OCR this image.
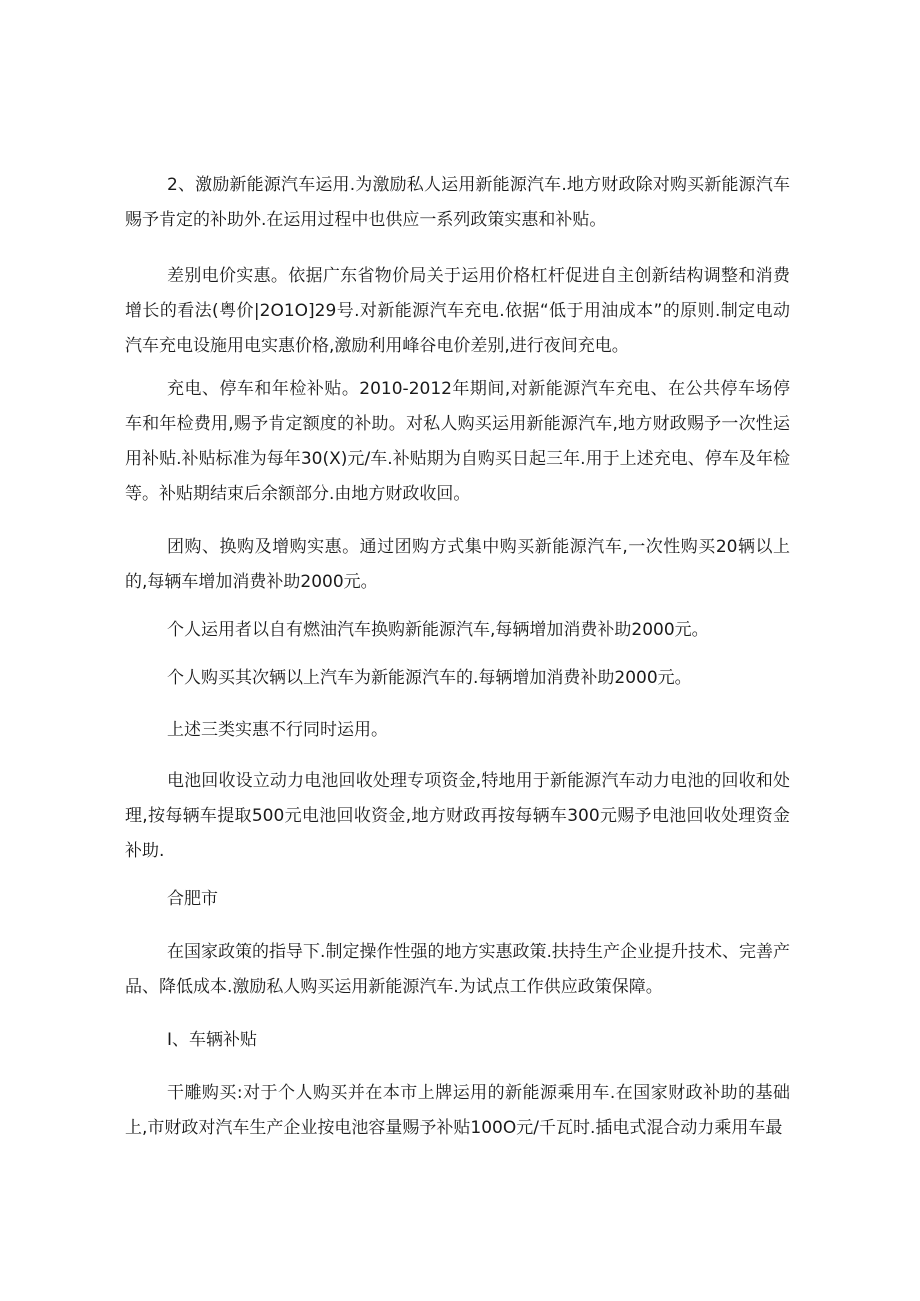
2、激励新能源汽车运用.为激励私人运用新能源汽车.地方财政除对购买新能源汽车赐予肯定的补助外.在运用过程中也供应一系列政策实惠和补贴。

差别电价实惠。依据广东省物价局关于运用价格杠杆促进自主创新结构调整和消费增长的看法(粤价|2O1O]29号.对新能源汽车充电.依据“低于用油成本”的原则.制定电动汽车充电设施用电实惠价格,激励利用峰谷电价差别,进行夜间充电。

充电、停车和年检补贴。2010-2012年期间,对新能源汽车充电、在公共停车场停车和年检费用,赐予肯定额度的补助。对私人购买运用新能源汽车,地方财政赐予一次性运用补贴.补贴标准为每年30(X)元/车.补贴期为自购买日起三年.用于上述充电、停车及年检等。补贴期结束后余额部分.由地方财政收回。

团购、换购及增购实惠。通过团购方式集中购买新能源汽车,一次性购买20辆以上的,每辆车增加消费补助2000元。

个人运用者以自有燃油汽车换购新能源汽车,每辆增加消费补助2000元。

个人购买其次辆以上汽车为新能源汽车的.每辆增加消费补助2000元。

上述三类实惠不行同时运用。

电池回收设立动力电池回收处理专项资金,特地用于新能源汽车动力电池的回收和处理,按每辆车提取500元电池回收资金,地方财政再按每辆车300元赐予电池回收处理资金补助.

合肥市

在国家政策的指导下.制定操作性强的地方实惠政策.扶持生产企业提升技术、完善产品、降低成本.激励私人购买运用新能源汽车.为试点工作供应政策保障。

I、车辆补贴

干雕购买:对于个人购买并在本市上牌运用的新能源乘用车.在国家财政补助的基础上,市财政对汽车生产企业按电池容量赐予补贴100O元/千瓦时.插电式混合动力乘用车最
